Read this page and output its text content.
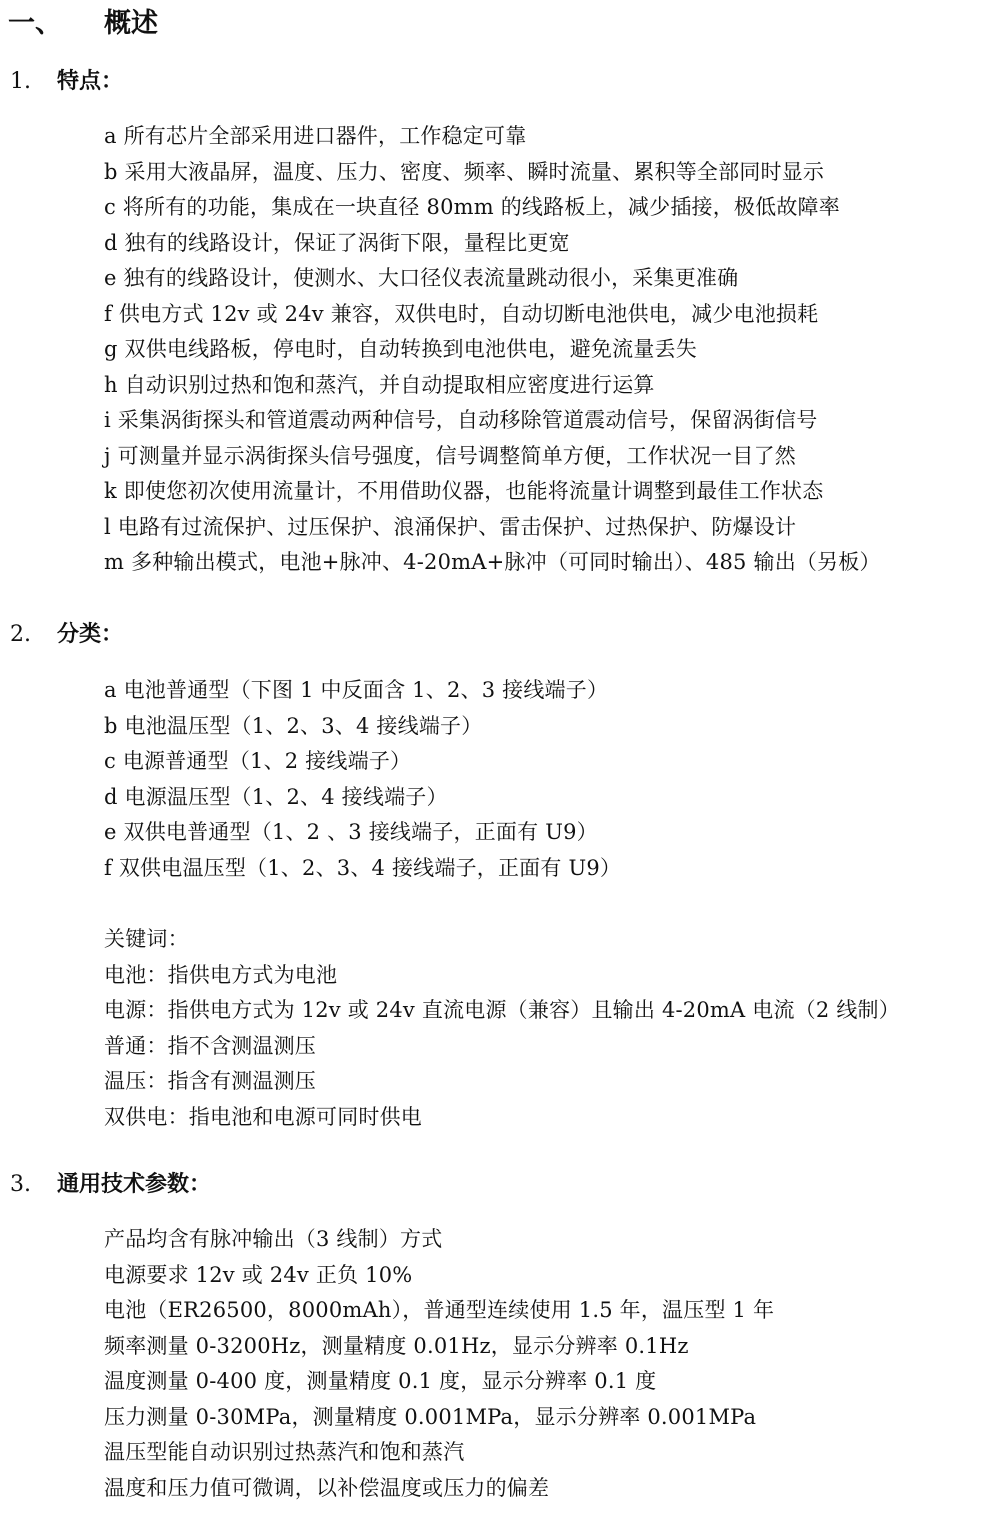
一、 概述
1. 特点：
a 所有芯片全部采用进口器件，工作稳定可靠
b 采用大液晶屏，温度、压力、密度、频率、瞬时流量、累积等全部同时显示
c 将所有的功能，集成在一块直径 80mm 的线路板上，减少插接，极低故障率
d 独有的线路设计，保证了涡街下限，量程比更宽
e 独有的线路设计，使测水、大口径仪表流量跳动很小，采集更准确
f 供电方式 12v 或 24v 兼容，双供电时，自动切断电池供电，减少电池损耗
g 双供电线路板，停电时，自动转换到电池供电，避免流量丢失
h 自动识别过热和饱和蒸汽，并自动提取相应密度进行运算
i 采集涡街探头和管道震动两种信号，自动移除管道震动信号，保留涡街信号
j 可测量并显示涡街探头信号强度，信号调整简单方便，工作状况一目了然
k 即使您初次使用流量计，不用借助仪器，也能将流量计调整到最佳工作状态
l 电路有过流保护、过压保护、浪涌保护、雷击保护、过热保护、防爆设计
m 多种输出模式，电池+脉冲、4-20mA+脉冲（可同时输出）、485 输出（另板）
2. 分类：
a 电池普通型（下图 1 中反面含 1、2、3 接线端子）
b 电池温压型（1、2、3、4 接线端子）
c 电源普通型（1、2 接线端子）
d 电源温压型（1、2、4 接线端子）
e 双供电普通型（1、2 、3 接线端子，正面有 U9）
f 双供电温压型（1、2、3、4 接线端子，正面有 U9）
关键词：
电池：指供电方式为电池
电源：指供电方式为 12v 或 24v 直流电源（兼容）且输出 4-20mA 电流（2 线制）
普通：指不含测温测压
温压：指含有测温测压
双供电：指电池和电源可同时供电
3. 通用技术参数：
产品均含有脉冲输出（3 线制）方式
电源要求 12v 或 24v 正负 10%
电池（ER26500，8000mAh），普通型连续使用 1.5 年，温压型 1 年
频率测量 0-3200Hz，测量精度 0.01Hz，显示分辨率 0.1Hz
温度测量 0-400 度，测量精度 0.1 度，显示分辨率 0.1 度
压力测量 0-30MPa，测量精度 0.001MPa，显示分辨率 0.001MPa
温压型能自动识别过热蒸汽和饱和蒸汽
温度和压力值可微调，以补偿温度或压力的偏差
